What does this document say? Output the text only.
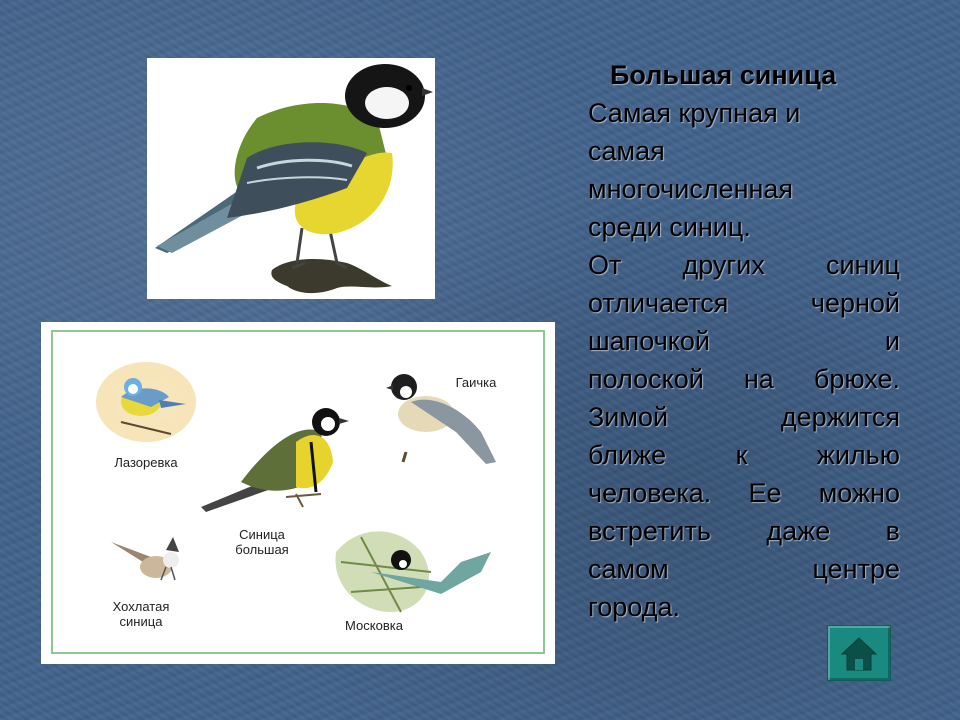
Лазоревка
Гаичка
Синица
большая
Хохлатая
синица	Московка
Большая синица
Самая крупная и
самая
многочисленная
среди синиц.
От других синиц
отличается черной
шапочкой и
полоской на брюхе.
Зимой держится
ближе к жилью
человека. Ее можно
встретить даже в
самом центре
города.
